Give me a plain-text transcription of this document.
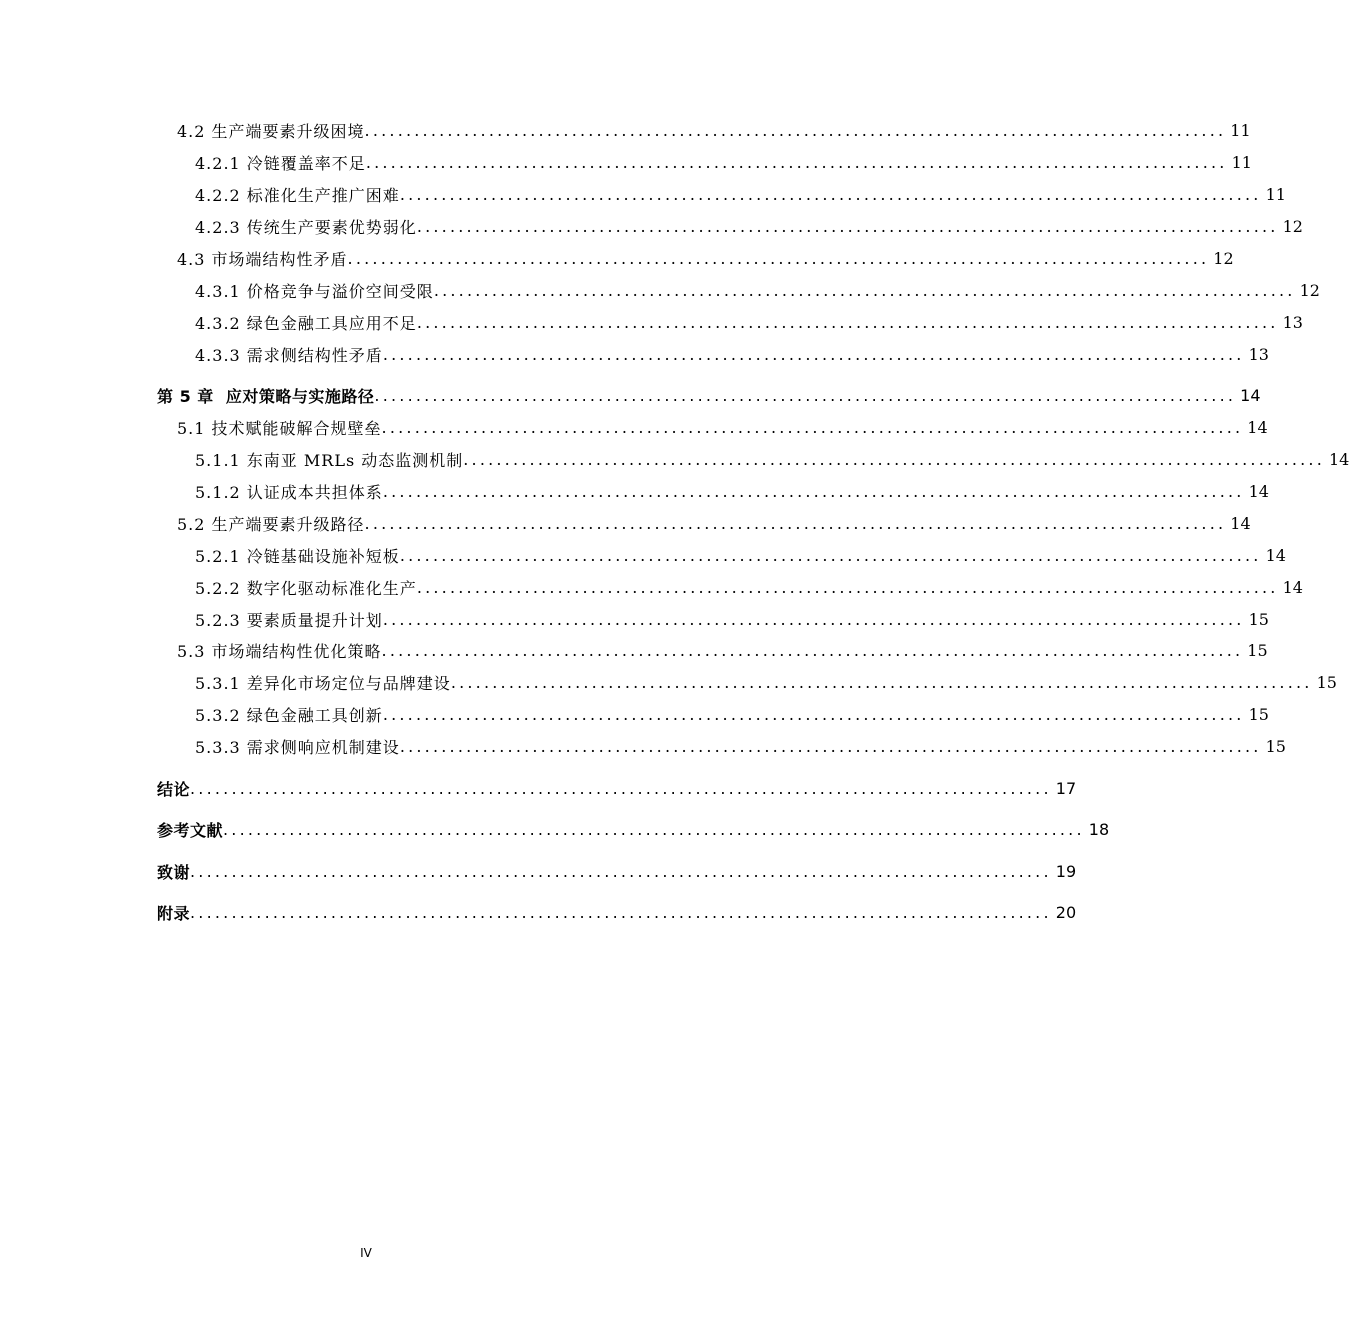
4.2 生产端要素升级困境 ........................................................................................................ 11
4.2.1 冷链覆盖率不足 ........................................................................................................ 11
4.2.2 标准化生产推广困难 ........................................................................................................ 11
4.2.3 传统生产要素优势弱化 ........................................................................................................ 12
4.3 市场端结构性矛盾 ........................................................................................................ 12
4.3.1 价格竞争与溢价空间受限 ........................................................................................................ 12
4.3.2 绿色金融工具应用不足 ........................................................................................................ 13
4.3.3 需求侧结构性矛盾 ........................................................................................................ 13
第 5 章  应对策略与实施路径 ........................................................................................................ 14
5.1 技术赋能破解合规壁垒 ........................................................................................................ 14
5.1.1 东南亚 MRLs 动态监测机制 ........................................................................................................ 14
5.1.2 认证成本共担体系 ........................................................................................................ 14
5.2 生产端要素升级路径 ........................................................................................................ 14
5.2.1 冷链基础设施补短板 ........................................................................................................ 14
5.2.2 数字化驱动标准化生产 ........................................................................................................ 14
5.2.3 要素质量提升计划 ........................................................................................................ 15
5.3 市场端结构性优化策略 ........................................................................................................ 15
5.3.1 差异化市场定位与品牌建设 ........................................................................................................ 15
5.3.2 绿色金融工具创新 ........................................................................................................ 15
5.3.3 需求侧响应机制建设 ........................................................................................................ 15
结论 ........................................................................................................ 17
参考文献 ........................................................................................................ 18
致谢 ........................................................................................................ 19
附录 ........................................................................................................ 20
IV
